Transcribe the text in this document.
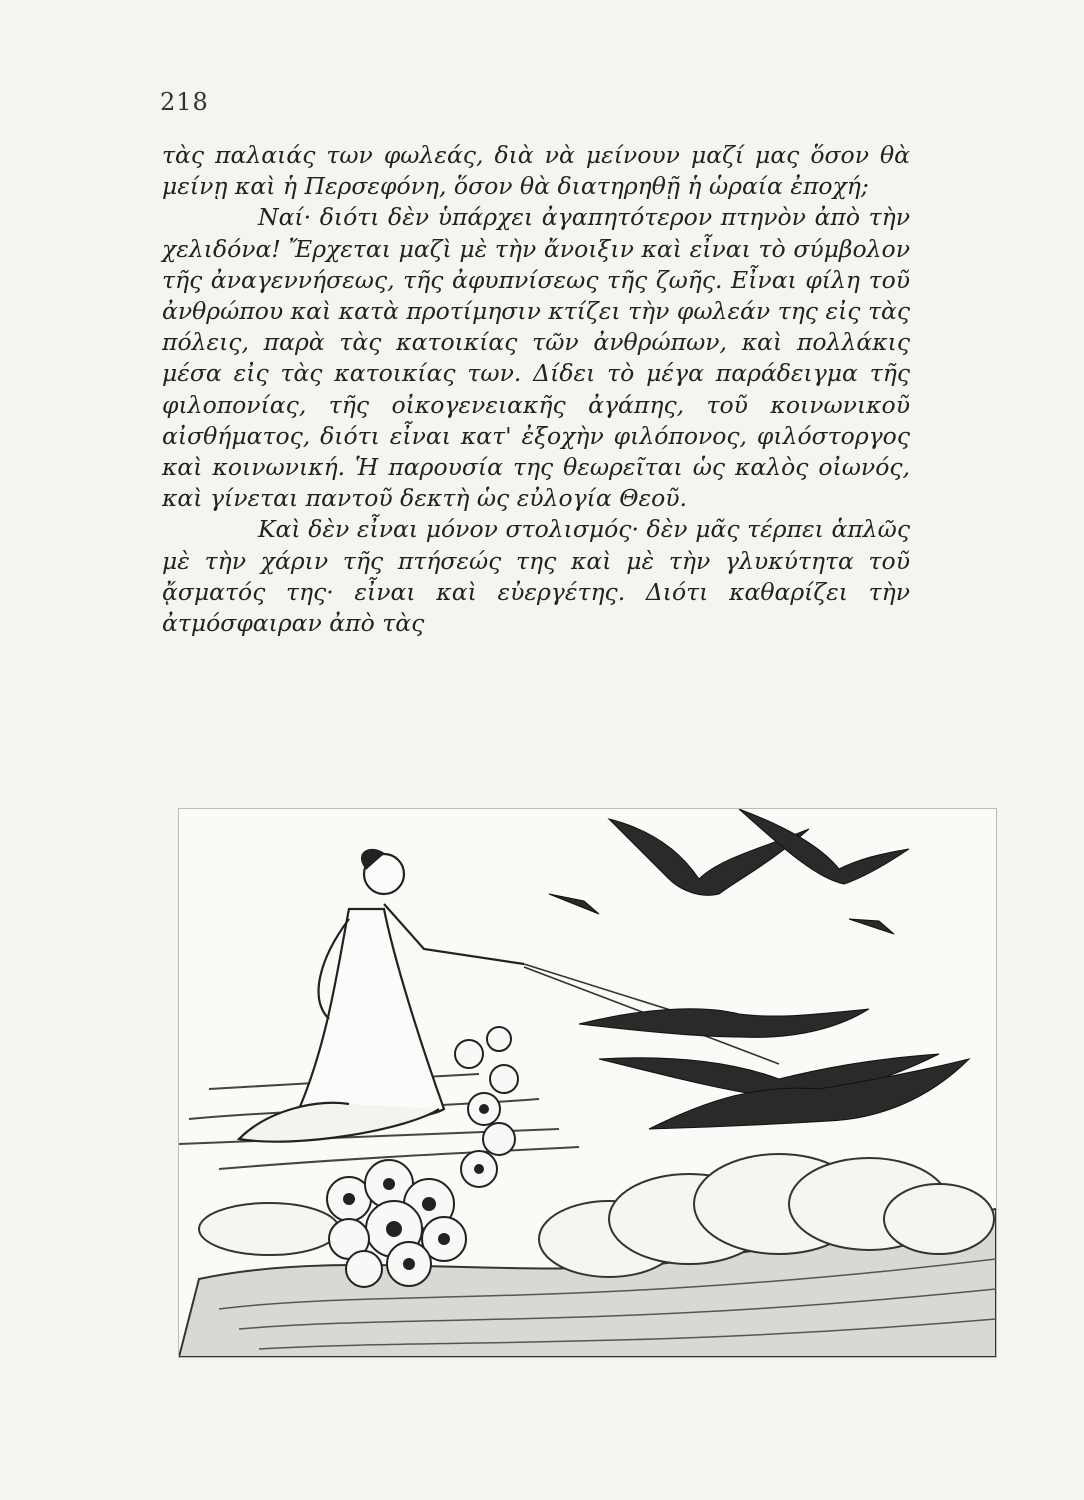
218

τὰς παλαιάς των φωλεάς, διὰ νὰ μείνουν μαζί μας ὅσον θὰ μείνῃ καὶ ἡ Περσεφόνη, ὅσον θὰ διατηρηθῇ ἡ ὡραία ἐποχή;

Ναί· διότι δὲν ὑπάρχει ἀγαπητότερον πτηνὸν ἀπὸ τὴν χελιδόνα! Ἔρχεται μαζὶ μὲ τὴν ἄνοιξιν καὶ εἶναι τὸ σύμβολον τῆς ἀναγεννήσεως, τῆς ἀφυπνίσεως τῆς ζωῆς. Εἶναι φίλη τοῦ ἀνθρώπου καὶ κατὰ προτίμησιν κτίζει τὴν φωλεάν της εἰς τὰς πόλεις, παρὰ τὰς κατοικίας τῶν ἀνθρώπων, καὶ πολλάκις μέσα εἰς τὰς κατοικίας των. Δίδει τὸ μέγα παράδειγμα τῆς φιλοπονίας, τῆς οἰκογενειακῆς ἀγάπης, τοῦ κοινωνικοῦ αἰσθήματος, διότι εἶναι κατ' ἐξοχὴν φιλόπονος, φιλόστοργος καὶ κοινωνική. Ἡ παρουσία της θεωρεῖται ὡς καλὸς οἰωνός, καὶ γίνεται παντοῦ δεκτὴ ὡς εὐλογία Θεοῦ.

Καὶ δὲν εἶναι μόνον στολισμός· δὲν μᾶς τέρπει ἁπλῶς μὲ τὴν χάριν τῆς πτήσεώς της καὶ μὲ τὴν γλυκύτητα τοῦ ᾄσματός της· εἶναι καὶ εὐεργέτης. Διότι καθαρίζει τὴν ἀτμόσφαιραν ἀπὸ τὰς
